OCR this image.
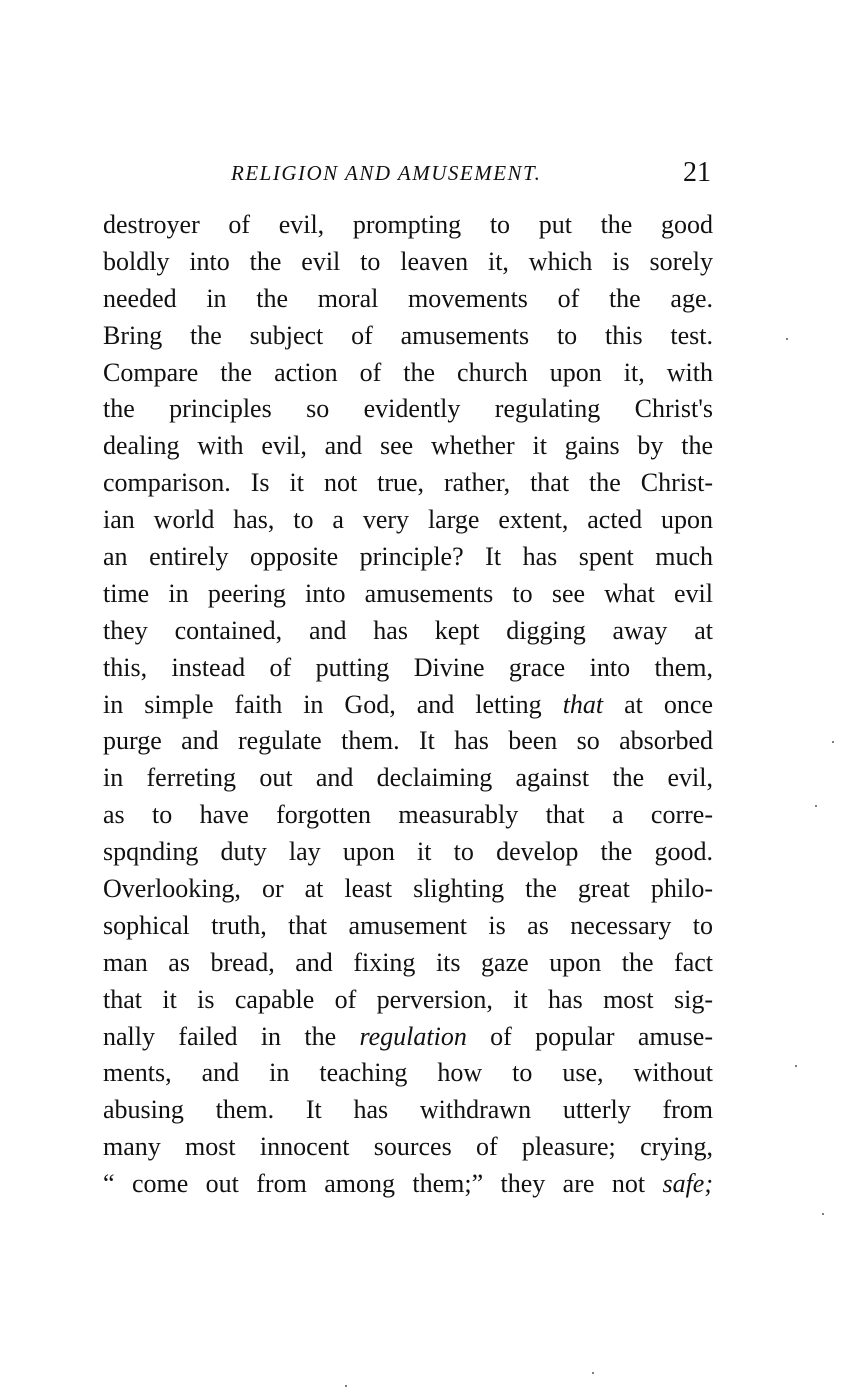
RELIGION AND AMUSEMENT.	21
destroyer of evil, prompting to put the good
boldly into the evil to leaven it, which is sorely
needed in the moral movements of the age.
Bring the subject of amusements to this test.
Compare the action of the church upon it, with
the principles so evidently regulating Christ's
dealing with evil, and see whether it gains by the
comparison. Is it not true, rather, that the Christ-
ian world has, to a very large extent, acted upon
an entirely opposite principle? It has spent much
time in peering into amusements to see what evil
they contained, and has kept digging away at
this, instead of putting Divine grace into them,
in simple faith in God, and letting that at once
purge and regulate them. It has been so absorbed
in ferreting out and declaiming against the evil,
as to have forgotten measurably that a corre-
spqnding duty lay upon it to develop the good.
Overlooking, or at least slighting the great philo-
sophical truth, that amusement is as necessary to
man as bread, and fixing its gaze upon the fact
that it is capable of perversion, it has most sig-
nally failed in the regulation of popular amuse-
ments, and in teaching how to use, without
abusing them. It has withdrawn utterly from
many most innocent sources of pleasure; crying,
“ come out from among them;” they are not safe;
